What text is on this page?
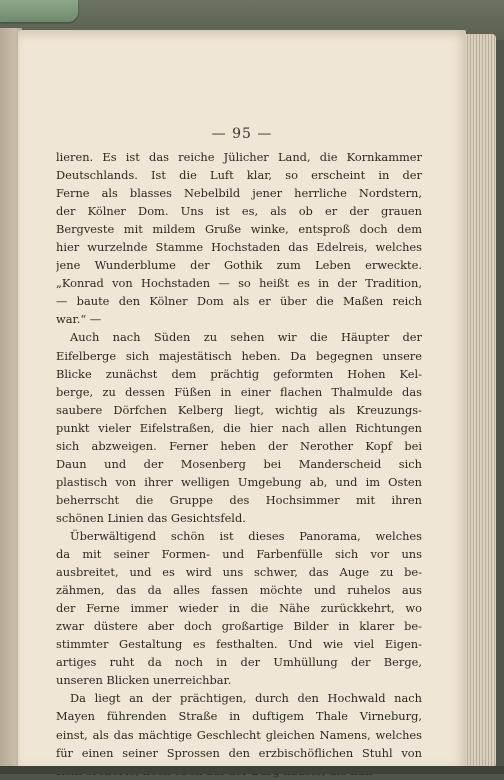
— 95 —
lieren. Es ist das reiche Jülicher Land, die Kornkammer
Deutschlands. Ist die Luft klar, so erscheint in der
Ferne als blasses Nebelbild jener herrliche Nordstern,
der Kölner Dom. Uns ist es, als ob er der grauen
Bergveste mit mildem Gruße winke, entsproß doch dem
hier wurzelnde Stamme Hochstaden das Edelreis, welches
jene Wunderblume der Gothik zum Leben erweckte.
„Konrad von Hochstaden — so heißt es in der Tradition,
— baute den Kölner Dom als er über die Maßen reich
war.“ —
Auch nach Süden zu sehen wir die Häupter der
Eifelberge sich majestätisch heben. Da begegnen unsere
Blicke zunächst dem prächtig geformten Hohen Kel-
berge, zu dessen Füßen in einer flachen Thalmulde das
saubere Dörfchen Kelberg liegt, wichtig als Kreuzungs-
punkt vieler Eifelstraßen, die hier nach allen Richtungen
sich abzweigen. Ferner heben der Nerother Kopf bei
Daun und der Mosenberg bei Manderscheid sich
plastisch von ihrer welligen Umgebung ab, und im Osten
beherrscht die Gruppe des Hochsimmer mit ihren
schönen Linien das Gesichtsfeld.
Überwältigend schön ist dieses Panorama, welches
da mit seiner Formen- und Farbenfülle sich vor uns
ausbreitet, und es wird uns schwer, das Auge zu be-
zähmen, das da alles fassen möchte und ruhelos aus
der Ferne immer wieder in die Nähe zurückkehrt, wo
zwar düstere aber doch großartige Bilder in klarer be-
stimmter Gestaltung es festhalten. Und wie viel Eigen-
artiges ruht da noch in der Umhüllung der Berge,
unseren Blicken unerreichbar.
Da liegt an der prächtigen, durch den Hochwald nach
Mayen führenden Straße in duftigem Thale Virneburg,
einst, als das mächtige Geschlecht gleichen Namens, welches
für einen seiner Sprossen den erzbischöflichen Stuhl von
